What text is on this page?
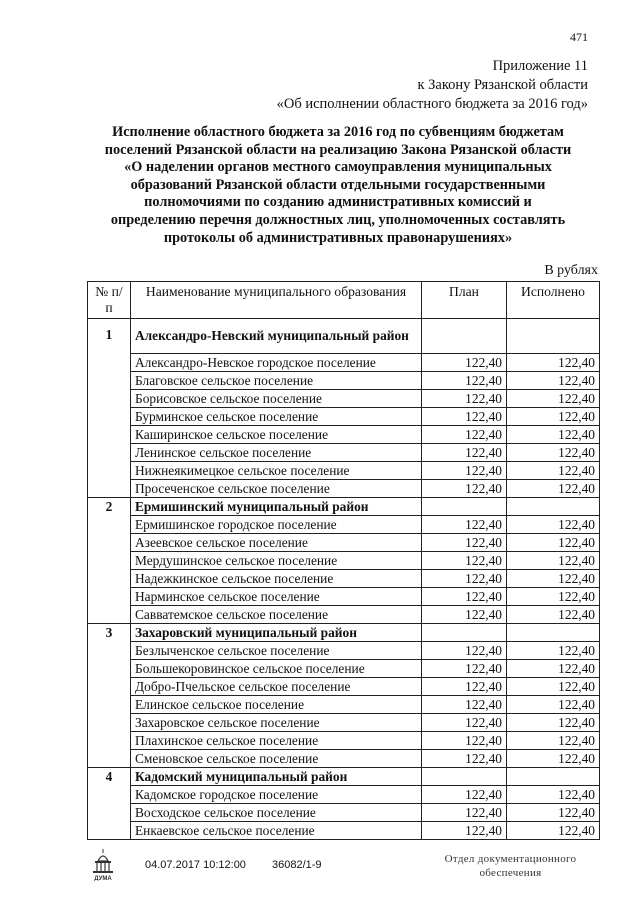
471
Приложение 11
к Закону Рязанской области
«Об исполнении областного бюджета за 2016 год»
Исполнение областного бюджета за 2016 год по субвенциям бюджетам
поселений Рязанской области на реализацию Закона Рязанской области
«О наделении органов местного самоуправления муниципальных
образований Рязанской области отдельными государственными
полномочиями по созданию административных комиссий и
определению перечня должностных лиц, уполномоченных составлять
протоколы об административных правонарушениях»
В рублях
№ п/п	Наименование муниципального образования	План	Исполнено
1	Александро-Невский муниципальный район		
	Александро-Невское городское поселение	122,40	122,40
	Благовское сельское поселение	122,40	122,40
	Борисовское сельское поселение	122,40	122,40
	Бурминское сельское поселение	122,40	122,40
	Каширинское сельское поселение	122,40	122,40
	Ленинское сельское поселение	122,40	122,40
	Нижнеякимецкое сельское поселение	122,40	122,40
	Просеченское сельское поселение	122,40	122,40
2	Ермишинский муниципальный район		
	Ермишинское городское поселение	122,40	122,40
	Азеевское сельское поселение	122,40	122,40
	Мердушинское сельское поселение	122,40	122,40
	Надежкинское сельское поселение	122,40	122,40
	Нарминское сельское поселение	122,40	122,40
	Савватемское сельское поселение	122,40	122,40
3	Захаровский муниципальный район		
	Безлыченское сельское поселение	122,40	122,40
	Большекоровинское сельское поселение	122,40	122,40
	Добро-Пчельское сельское поселение	122,40	122,40
	Елинское сельское поселение	122,40	122,40
	Захаровское сельское поселение	122,40	122,40
	Плахинское сельское поселение	122,40	122,40
	Сменовское сельское поселение	122,40	122,40
4	Кадомский муниципальный район		
	Кадомское городское поселение	122,40	122,40
	Восходское сельское поселение	122,40	122,40
	Енкаевское сельское поселение	122,40	122,40
ДУМА
04.07.2017 10:12:00 36082/1-9	Отдел документационного
обеспечения
